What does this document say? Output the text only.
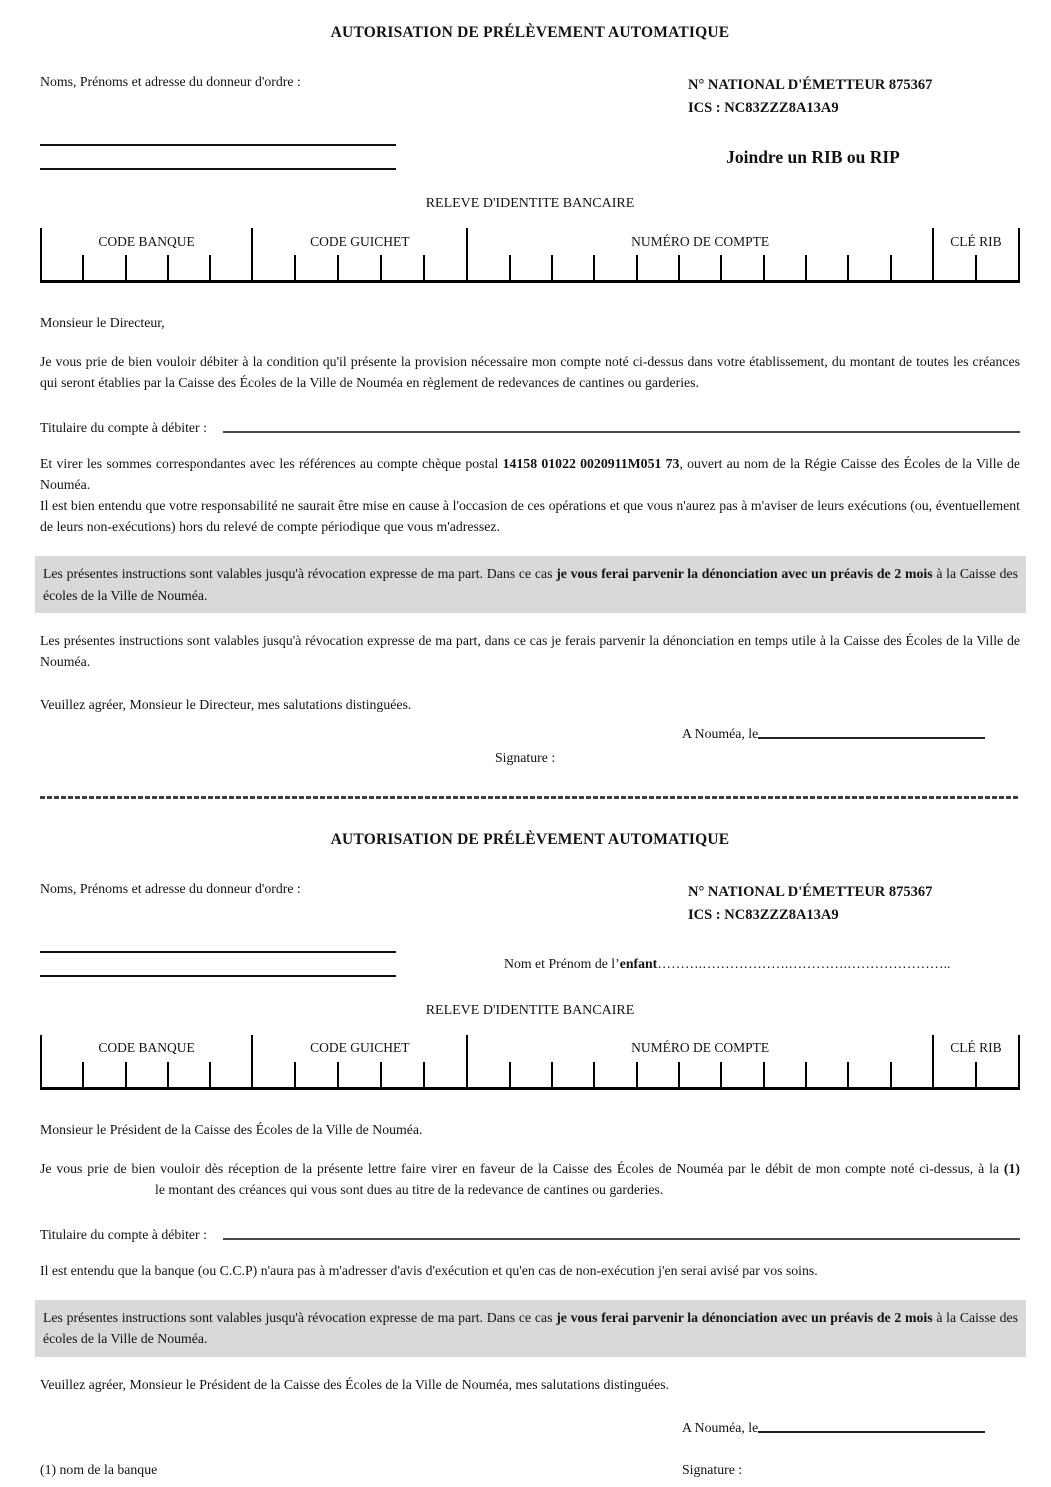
AUTORISATION DE PRÉLÈVEMENT AUTOMATIQUE
Noms, Prénoms et adresse du donneur d'ordre :	N° NATIONAL D'ÉMETTEUR 875367
ICS : NC83ZZZ8A13A9
Joindre un RIB ou RIP
RELEVE D'IDENTITE BANCAIRE
CODE BANQUE	CODE GUICHET	NUMÉRO DE COMPTE	CLÉ RIB

Monsieur le Directeur,

Je vous prie de bien vouloir débiter à la condition qu'il présente la provision nécessaire mon compte noté ci-dessus dans votre établissement, du montant de toutes les créances qui seront établies par la Caisse des Écoles de la Ville de Nouméa en règlement de redevances de cantines ou garderies.

Titulaire du compte à débiter :

Et virer les sommes correspondantes avec les références au compte chèque postal 14158 01022 0020911M051 73, ouvert au nom de la Régie Caisse des Écoles de la Ville de Nouméa.

Il est bien entendu que votre responsabilité ne saurait être mise en cause à l'occasion de ces opérations et que vous n'aurez pas à m'aviser de leurs exécutions (ou, éventuellement de leurs non-exécutions) hors du relevé de compte périodique que vous m'adressez.

Les présentes instructions sont valables jusqu'à révocation expresse de ma part. Dans ce cas je vous ferai parvenir la dénonciation avec un préavis de 2 mois à la Caisse des écoles de la Ville de Nouméa.

Les présentes instructions sont valables jusqu'à révocation expresse de ma part, dans ce cas je ferais parvenir la dénonciation en temps utile à la Caisse des Écoles de la Ville de Nouméa.

Veuillez agréer, Monsieur le Directeur, mes salutations distinguées.

A Nouméa, le
Signature :
AUTORISATION DE PRÉLÈVEMENT AUTOMATIQUE
Noms, Prénoms et adresse du donneur d'ordre :	N° NATIONAL D'ÉMETTEUR 875367
ICS : NC83ZZZ8A13A9
Nom et Prénom de l’enfant……….……………….………….…………………..
RELEVE D'IDENTITE BANCAIRE
CODE BANQUE	CODE GUICHET	NUMÉRO DE COMPTE	CLÉ RIB

Monsieur le Président de la Caisse des Écoles de la Ville de Nouméa.

Je vous prie de bien vouloir dès réception de la présente lettre faire virer en faveur de la Caisse des Écoles de Nouméa par le débit de mon compte noté ci-dessus, à la (1)le montant des créances qui vous sont dues au titre de la redevance de cantines ou garderies.

Titulaire du compte à débiter :

Il est entendu que la banque (ou C.C.P) n'aura pas à m'adresser d'avis d'exécution et qu'en cas de non-exécution j'en serai avisé par vos soins.

Les présentes instructions sont valables jusqu'à révocation expresse de ma part. Dans ce cas je vous ferai parvenir la dénonciation avec un préavis de 2 mois à la Caisse des écoles de la Ville de Nouméa.

Veuillez agréer, Monsieur le Président de la Caisse des Écoles de la Ville de Nouméa, mes salutations distinguées.

A Nouméa, le
(1) nom de la banque	Signature :
